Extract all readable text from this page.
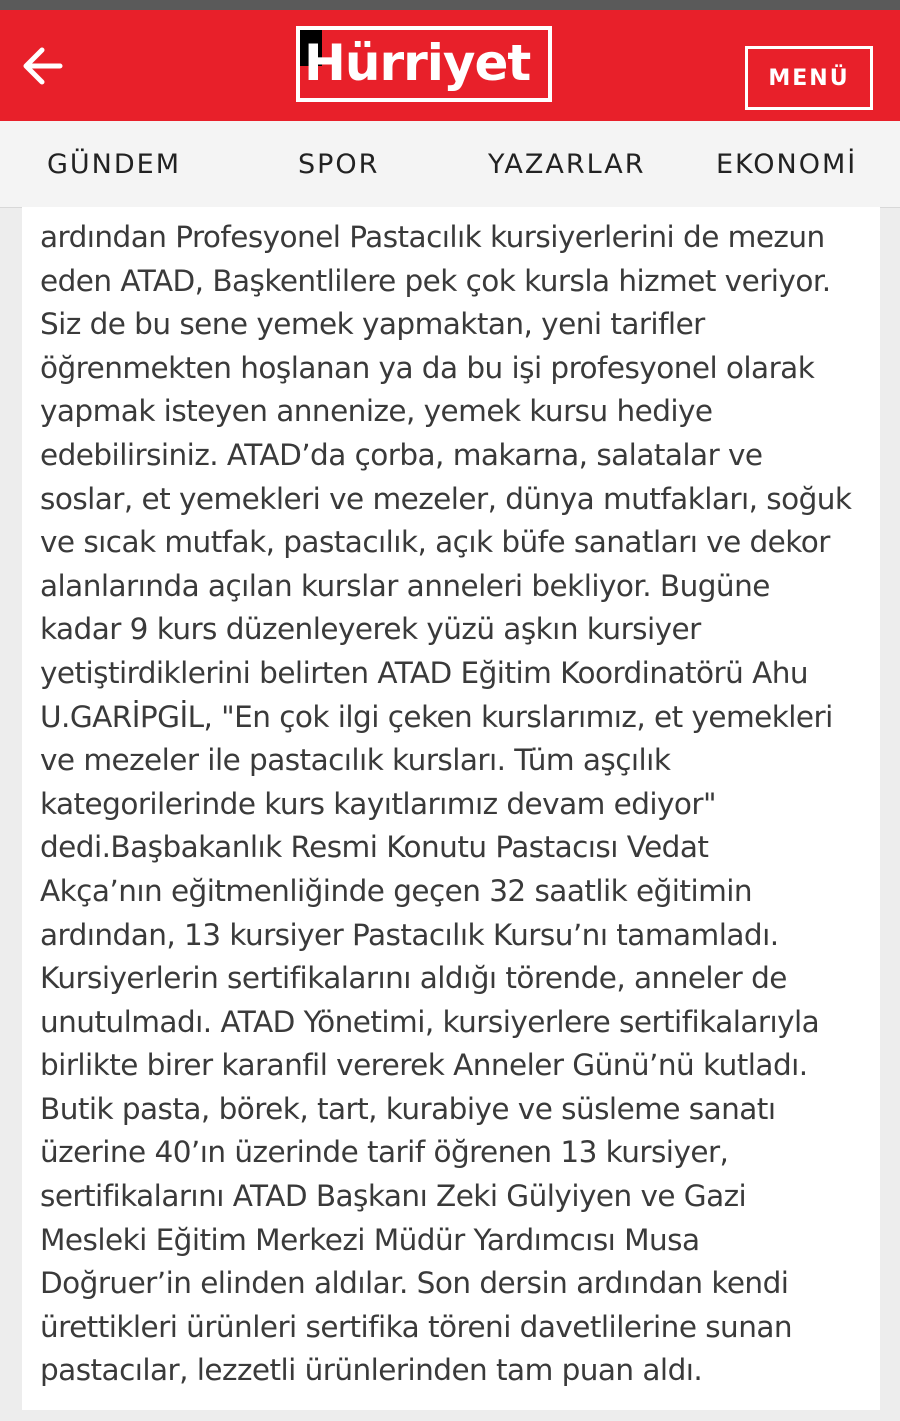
Hürriyet	MENÜ
GÜNDEM	SPOR	YAZARLAR	EKONOMİ
ardından Profesyonel Pastacılık kursiyerlerini de mezun
eden ATAD, Başkentlilere pek çok kursla hizmet veriyor.
Siz de bu sene yemek yapmaktan, yeni tarifler
öğrenmekten hoşlanan ya da bu işi profesyonel olarak
yapmak isteyen annenize, yemek kursu hediye
edebilirsiniz. ATAD’da çorba, makarna, salatalar ve
soslar, et yemekleri ve mezeler, dünya mutfakları, soğuk
ve sıcak mutfak, pastacılık, açık büfe sanatları ve dekor
alanlarında açılan kurslar anneleri bekliyor. Bugüne
kadar 9 kurs düzenleyerek yüzü aşkın kursiyer
yetiştirdiklerini belirten ATAD Eğitim Koordinatörü Ahu
U.GARİPGİL, "En çok ilgi çeken kurslarımız, et yemekleri
ve mezeler ile pastacılık kursları. Tüm aşçılık
kategorilerinde kurs kayıtlarımız devam ediyor"
dedi.Başbakanlık Resmi Konutu Pastacısı Vedat
Akça’nın eğitmenliğinde geçen 32 saatlik eğitimin
ardından, 13 kursiyer Pastacılık Kursu’nı tamamladı.
Kursiyerlerin sertifikalarını aldığı törende, anneler de
unutulmadı. ATAD Yönetimi, kursiyerlere sertifikalarıyla
birlikte birer karanfil vererek Anneler Günü’nü kutladı.
Butik pasta, börek, tart, kurabiye ve süsleme sanatı
üzerine 40’ın üzerinde tarif öğrenen 13 kursiyer,
sertifikalarını ATAD Başkanı Zeki Gülyiyen ve Gazi
Mesleki Eğitim Merkezi Müdür Yardımcısı Musa
Doğruer’in elinden aldılar. Son dersin ardından kendi
ürettikleri ürünleri sertifika töreni davetlilerine sunan
pastacılar, lezzetli ürünlerinden tam puan aldı.
